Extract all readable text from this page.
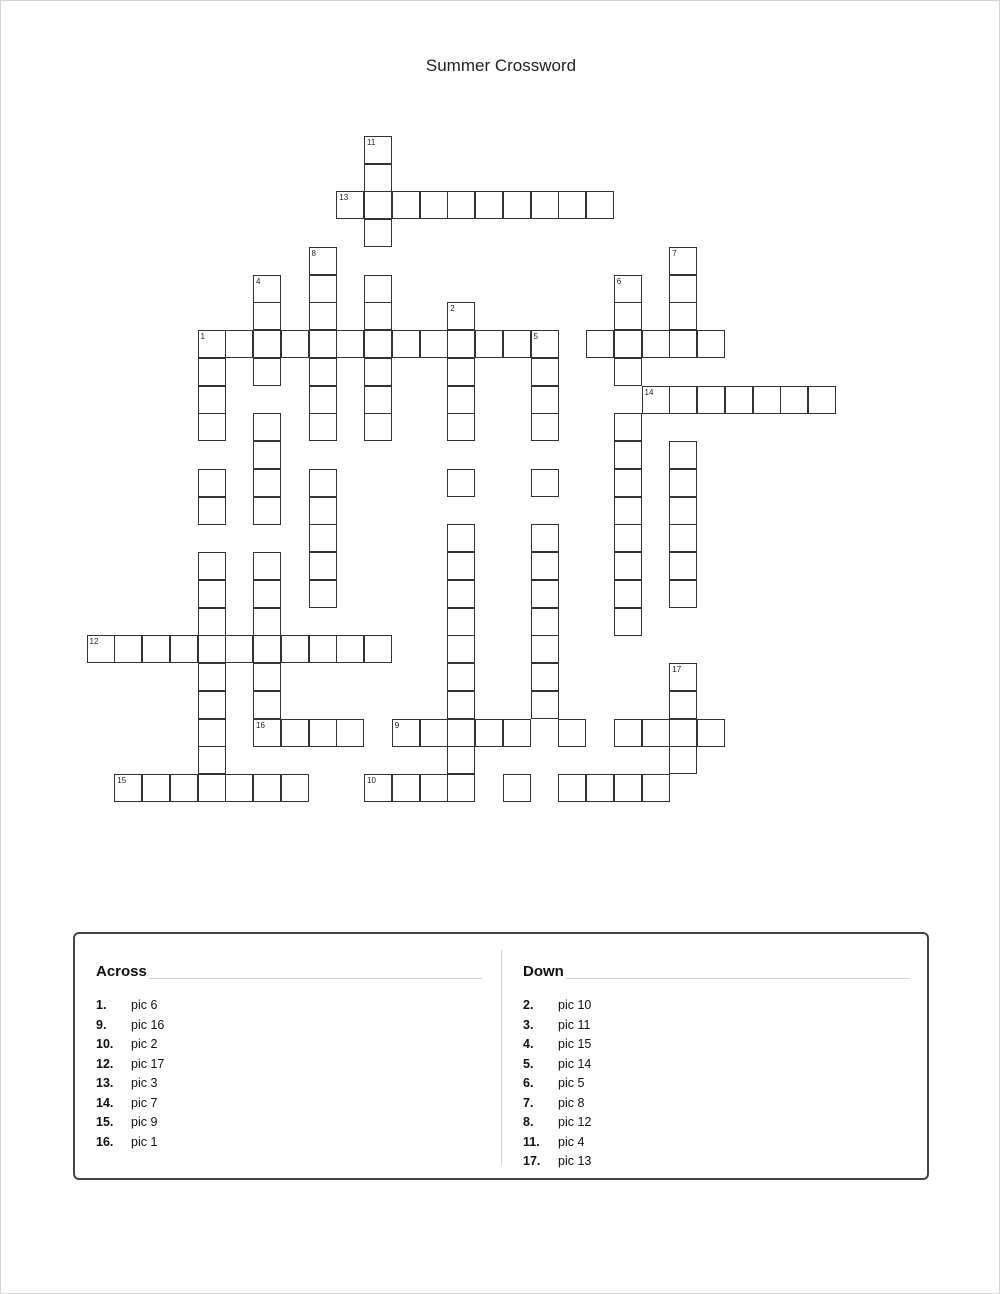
Summer Crossword
11
13
8	7
4	6
2
1	5
14
12
17
16	9
15	10
Across
1. pic 6
9. pic 16
10. pic 2
12. pic 17
13. pic 3
14. pic 7
15. pic 9
16. pic 1
Down
2. pic 10
3. pic 11
4. pic 15
5. pic 14
6. pic 5
7. pic 8
8. pic 12
11. pic 4
17. pic 13
